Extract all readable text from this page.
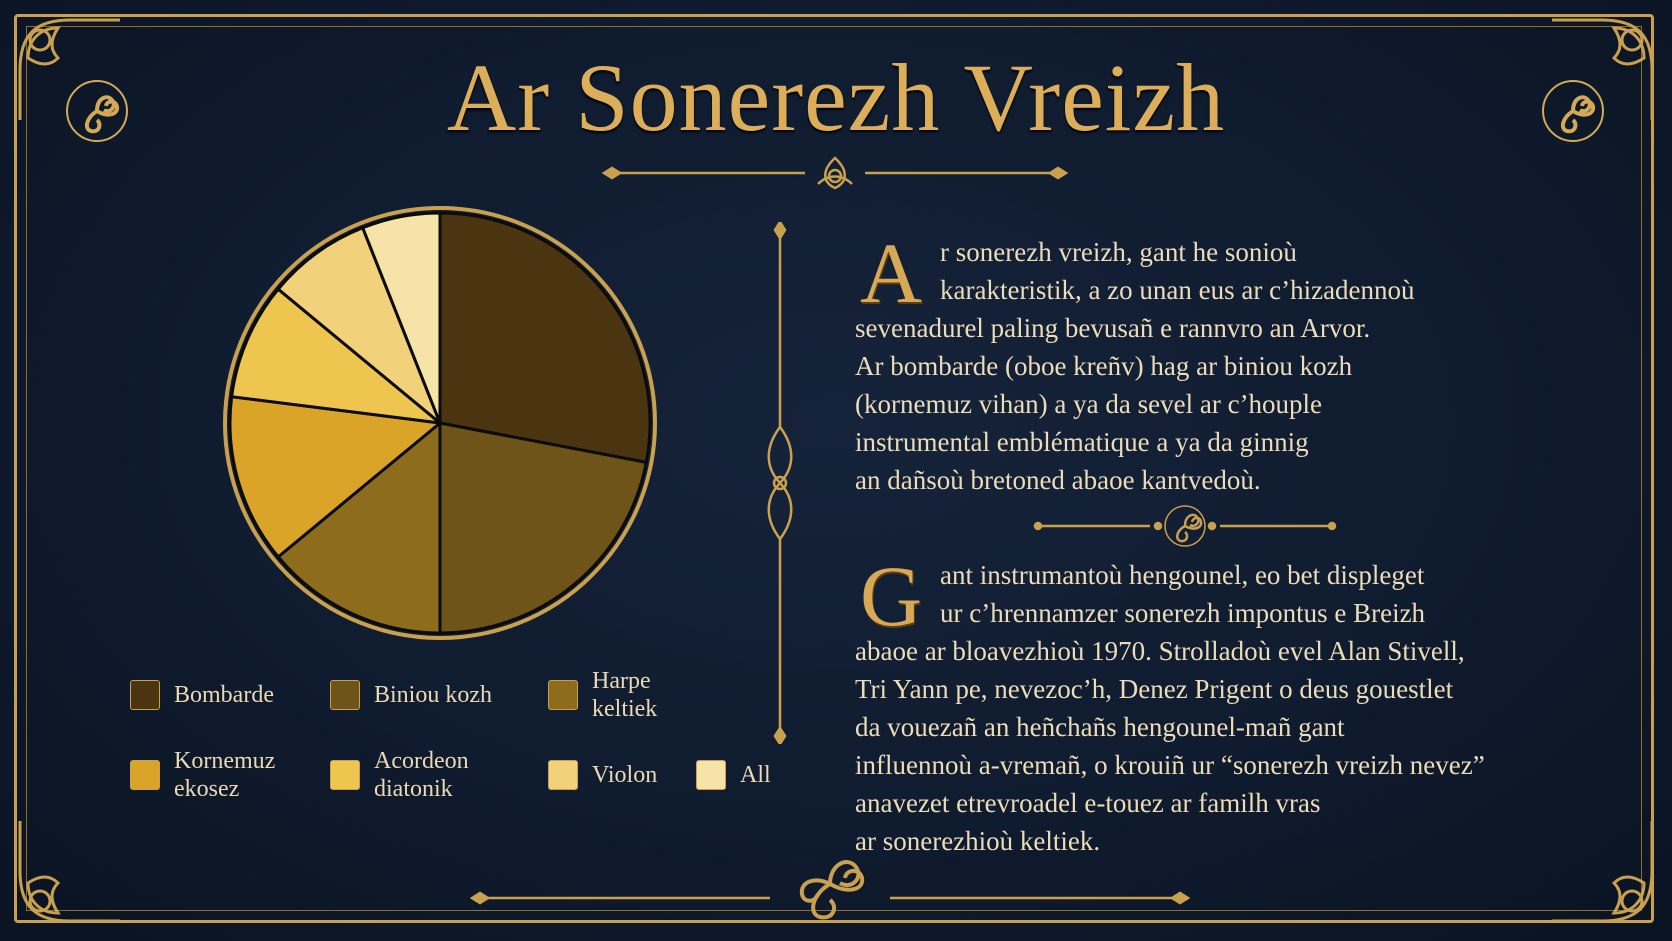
Ar Sonerezh Vreizh
Bombarde	Biniou kozh
Harpe keltiek
Kornemuz ekosez
Acordeon diatonik
Violon	All
A r sonerezh vreizh, gant he sonioù
karakteristik, a zo unan eus ar c’hizadennoù
sevenadurel paling bevusañ e rannvro an Arvor.
Ar bombarde (oboe kreñv) hag ar biniou kozh
(kornemuz vihan) a ya da sevel ar c’houple
instrumental emblématique a ya da ginnig
an dañsoù bretoned abaoe kantvedoù.
G ant instrumantoù hengounel, eo bet displeget
ur c’hrennamzer sonerezh impontus e Breizh
abaoe ar bloavezhioù 1970. Strolladoù evel Alan Stivell,
Tri Yann pe, nevezoc’h, Denez Prigent o deus gouestlet
da vouezañ an heñchañs hengounel-mañ gant
influennoù a-vremañ, o krouiñ ur “sonerezh vreizh nevez”
anavezet etrevroadel e-touez ar familh vras
ar sonerezhioù keltiek.
